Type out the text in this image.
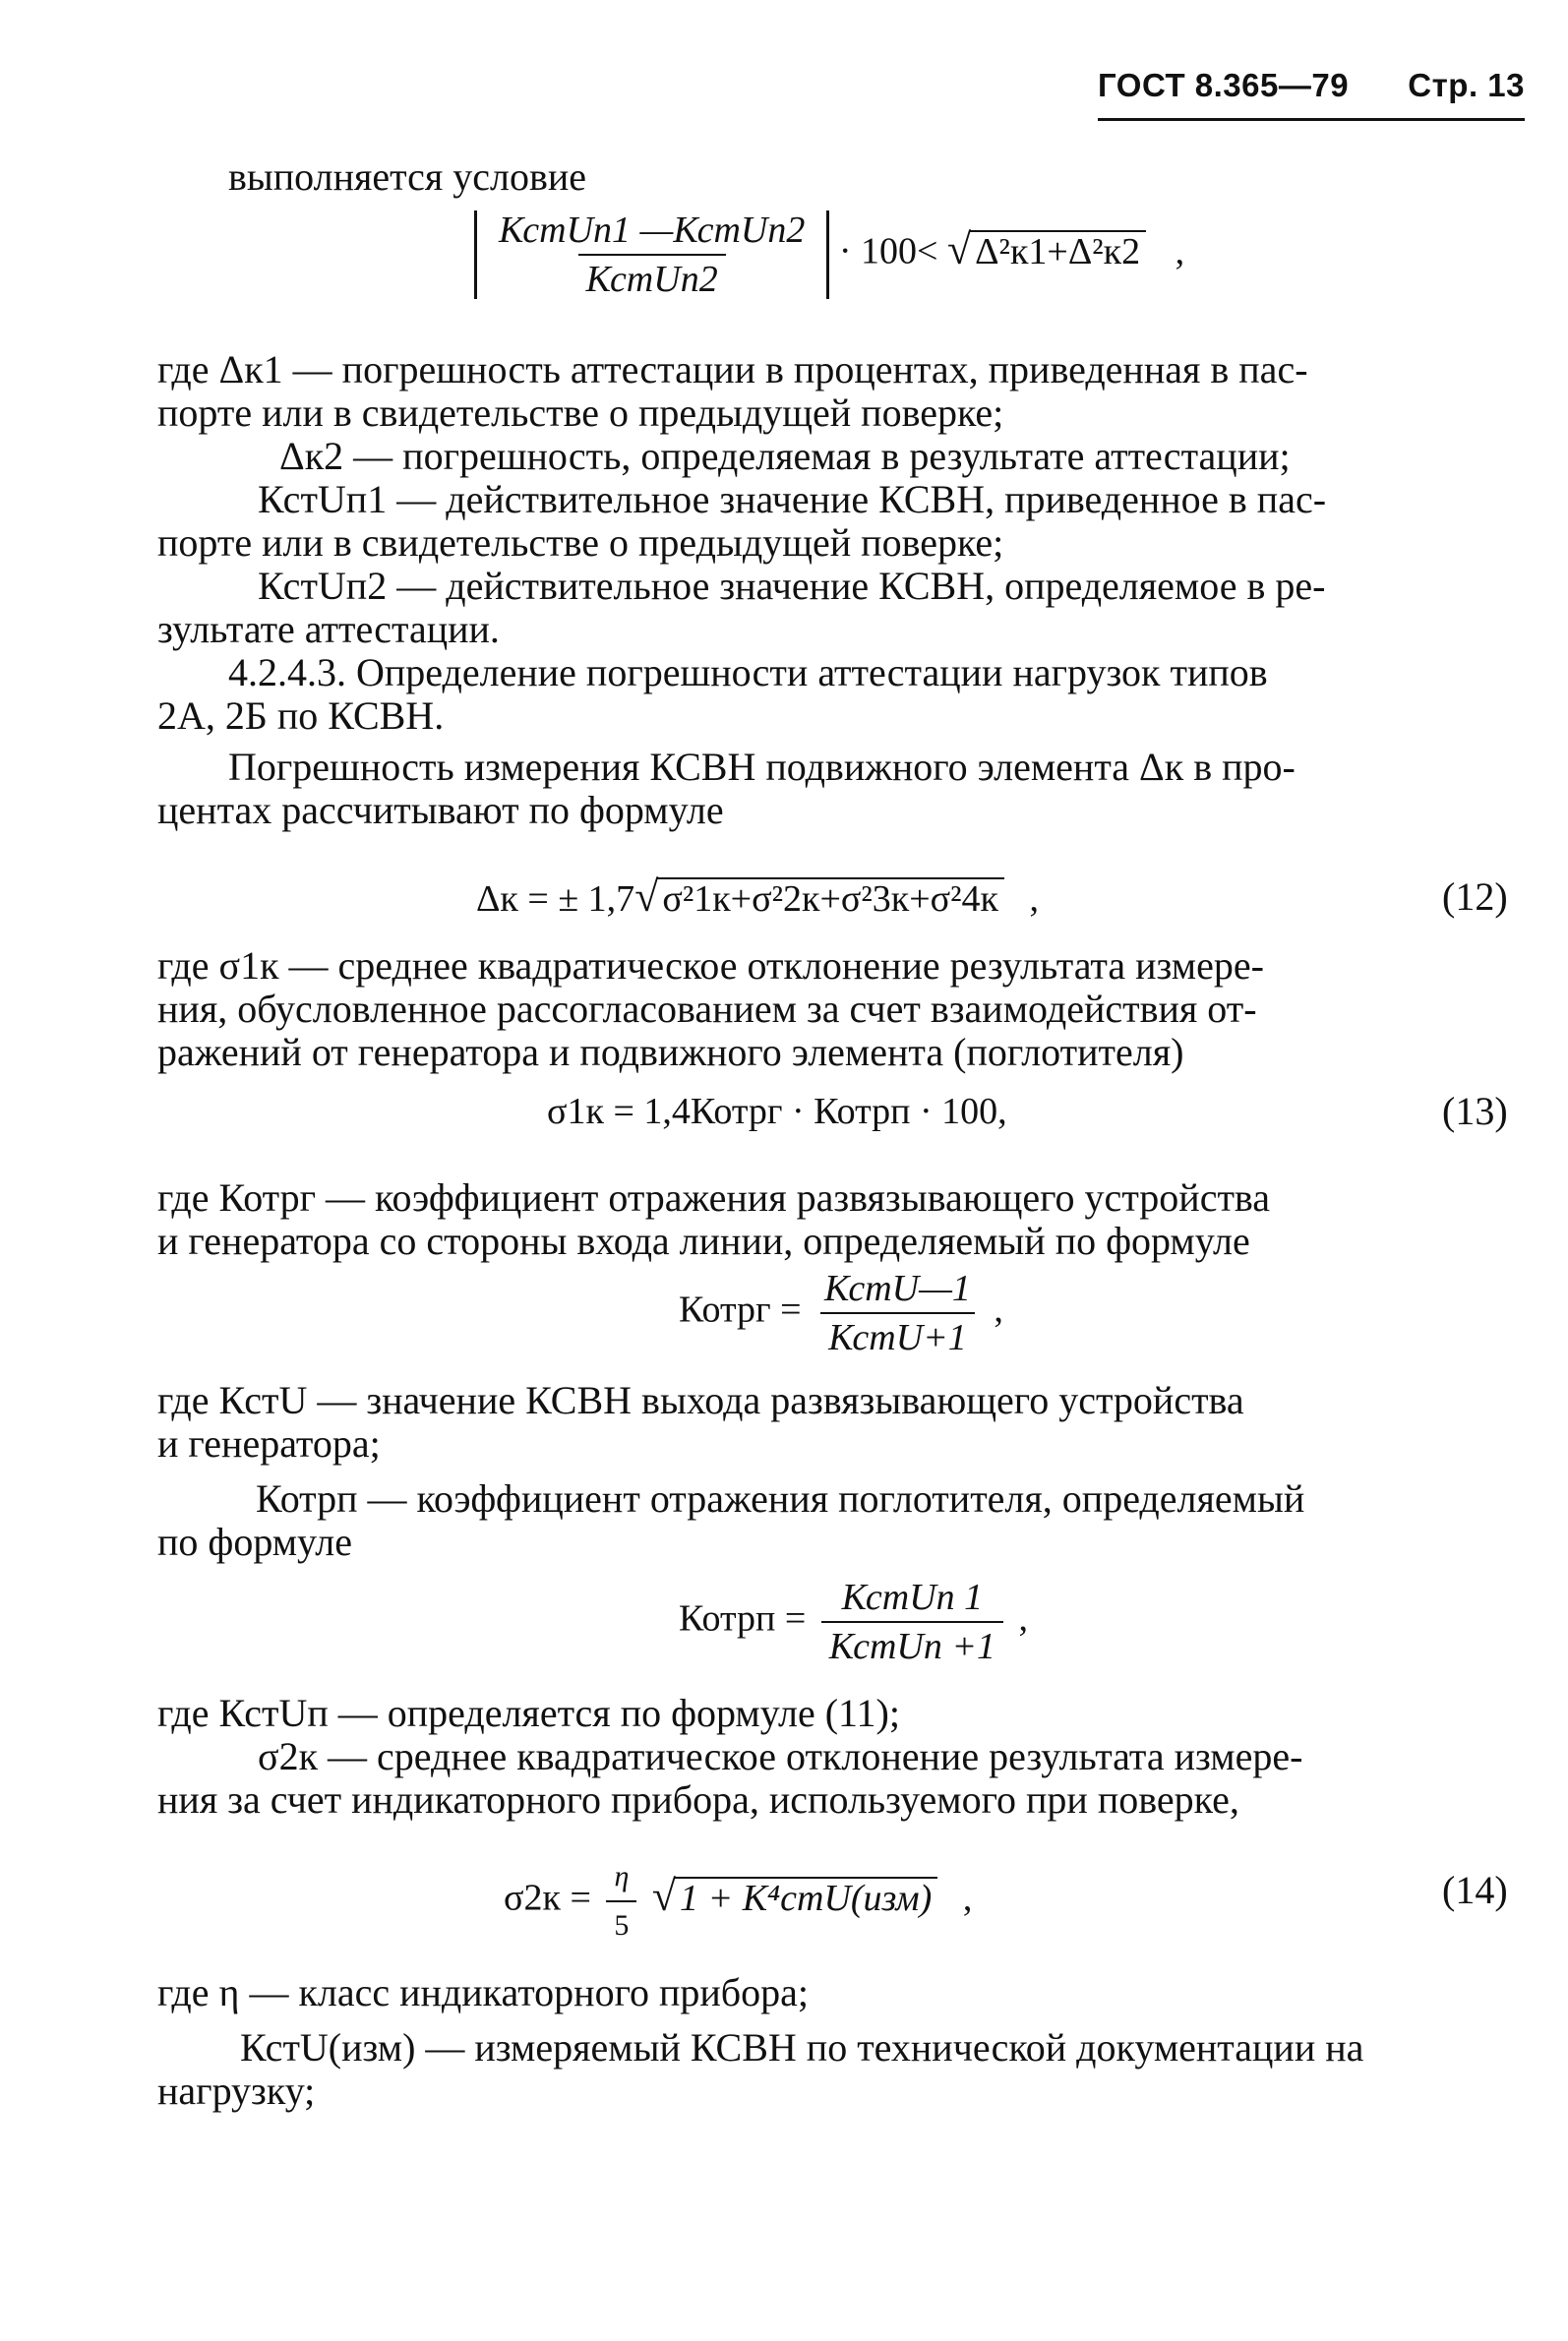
ГОСТ 8.365—79 Стр. 13
выполняется условие
$\frac{\text{КстUп1 —КстUп2}}{\text{КстUп2}} \cdot 100<$ √ Δ²к1+Δ²к2 ,
где Δк1 — погрешность аттестации в процентах, приведенная в пас-
порте или в свидетельстве о предыдущей поверке;
Δк2 — погрешность, определяемая в результате аттестации;
КстUп1 — действительное значение КСВН, приведенное в пас-
порте или в свидетельстве о предыдущей поверке;
КстUп2 — действительное значение КСВН, определяемое в ре-
зультате аттестации.
4.2.4.3. Определение погрешности аттестации нагрузок типов
2А, 2Б по КСВН.
Погрешность измерения КСВН подвижного элемента Δк в про-
центах рассчитывают по формуле
Δк = ± 1,7√ σ²1к+σ²2к+σ²3к+σ²4к ,	(12)
где σ1к — среднее квадратическое отклонение результата измере-
ния, обусловленное рассогласованием за счет взаимодействия от-
ражений от генератора и подвижного элемента (поглотителя)
σ1к = 1,4Котрг · Котрп · 100,	(13)
где Котрг — коэффициент отражения развязывающего устройства
и генератора со стороны входа линии, определяемый по формуле
Котрг = $\frac{\text{КстU—1}}{\text{КстU+1}}$ ,
где КстU — значение КСВН выхода развязывающего устройства
и генератора;
Котрп — коэффициент отражения поглотителя, определяемый
по формуле
Котрп = $\frac{\text{КстUп 1}}{\text{КстUп +1}}$ ,
где КстUп — определяется по формуле (11);
σ2к — среднее квадратическое отклонение результата измере-
ния за счет индикаторного прибора, используемого при поверке,
$\sigma 2к = \frac{\eta}{5}$ √ 1 + К⁴стU(изм) ,	(14)
где η — класс индикаторного прибора;
КстU(изм) — измеряемый КСВН по технической документации на
нагрузку;
